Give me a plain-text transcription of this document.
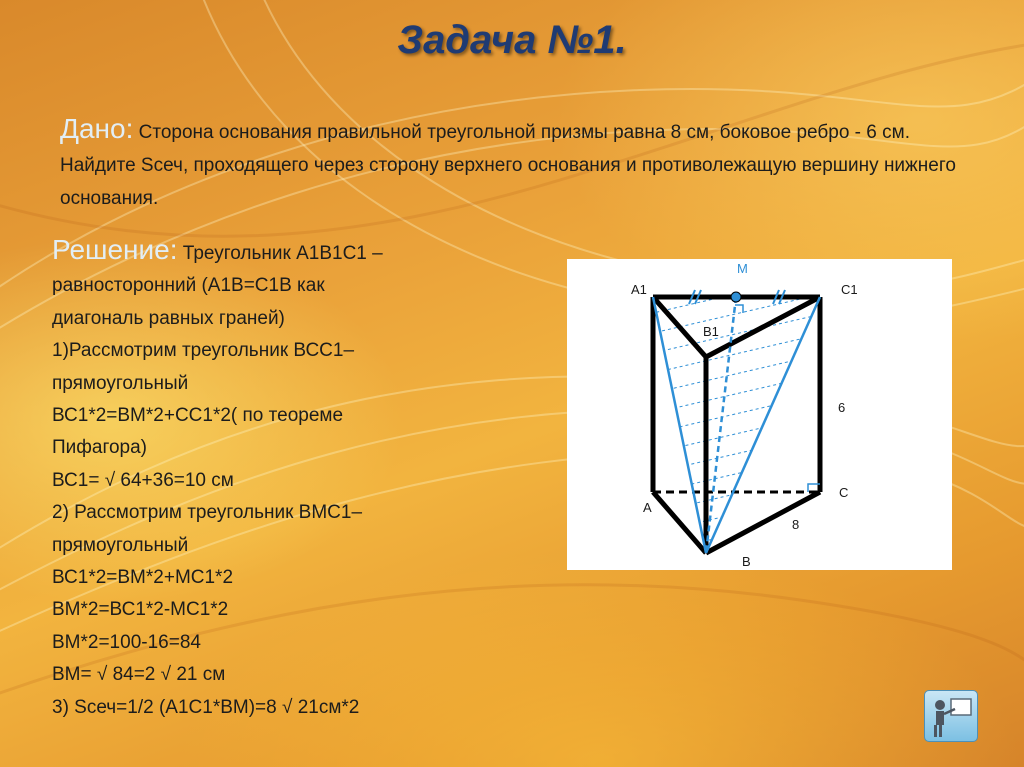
Задача №1.
Дано: Сторона основания правильной треугольной призмы равна 8 см, боковое ребро - 6 см. Найдите Sсеч, проходящего через сторону верхнего основания и противолежащую вершину нижнего основания.
Решение: Треугольник А1В1С1 –
равносторонний (А1В=С1В как
диагональ равных граней)
1)Рассмотрим треугольник ВСС1–
прямоугольный
ВС1*2=ВМ*2+СС1*2( по теореме
Пифагора)
ВС1= √ 64+36=10 см
2) Рассмотрим треугольник ВМС1–
прямоугольный
ВС1*2=ВМ*2+МС1*2
ВМ*2=ВС1*2-МС1*2
ВМ*2=100-16=84
ВМ= √ 84=2 √ 21 см
3) Sсеч=1/2 (А1С1*ВМ)=8 √ 21см*2
M
A1	C1
B1
6
A
C
8
B
